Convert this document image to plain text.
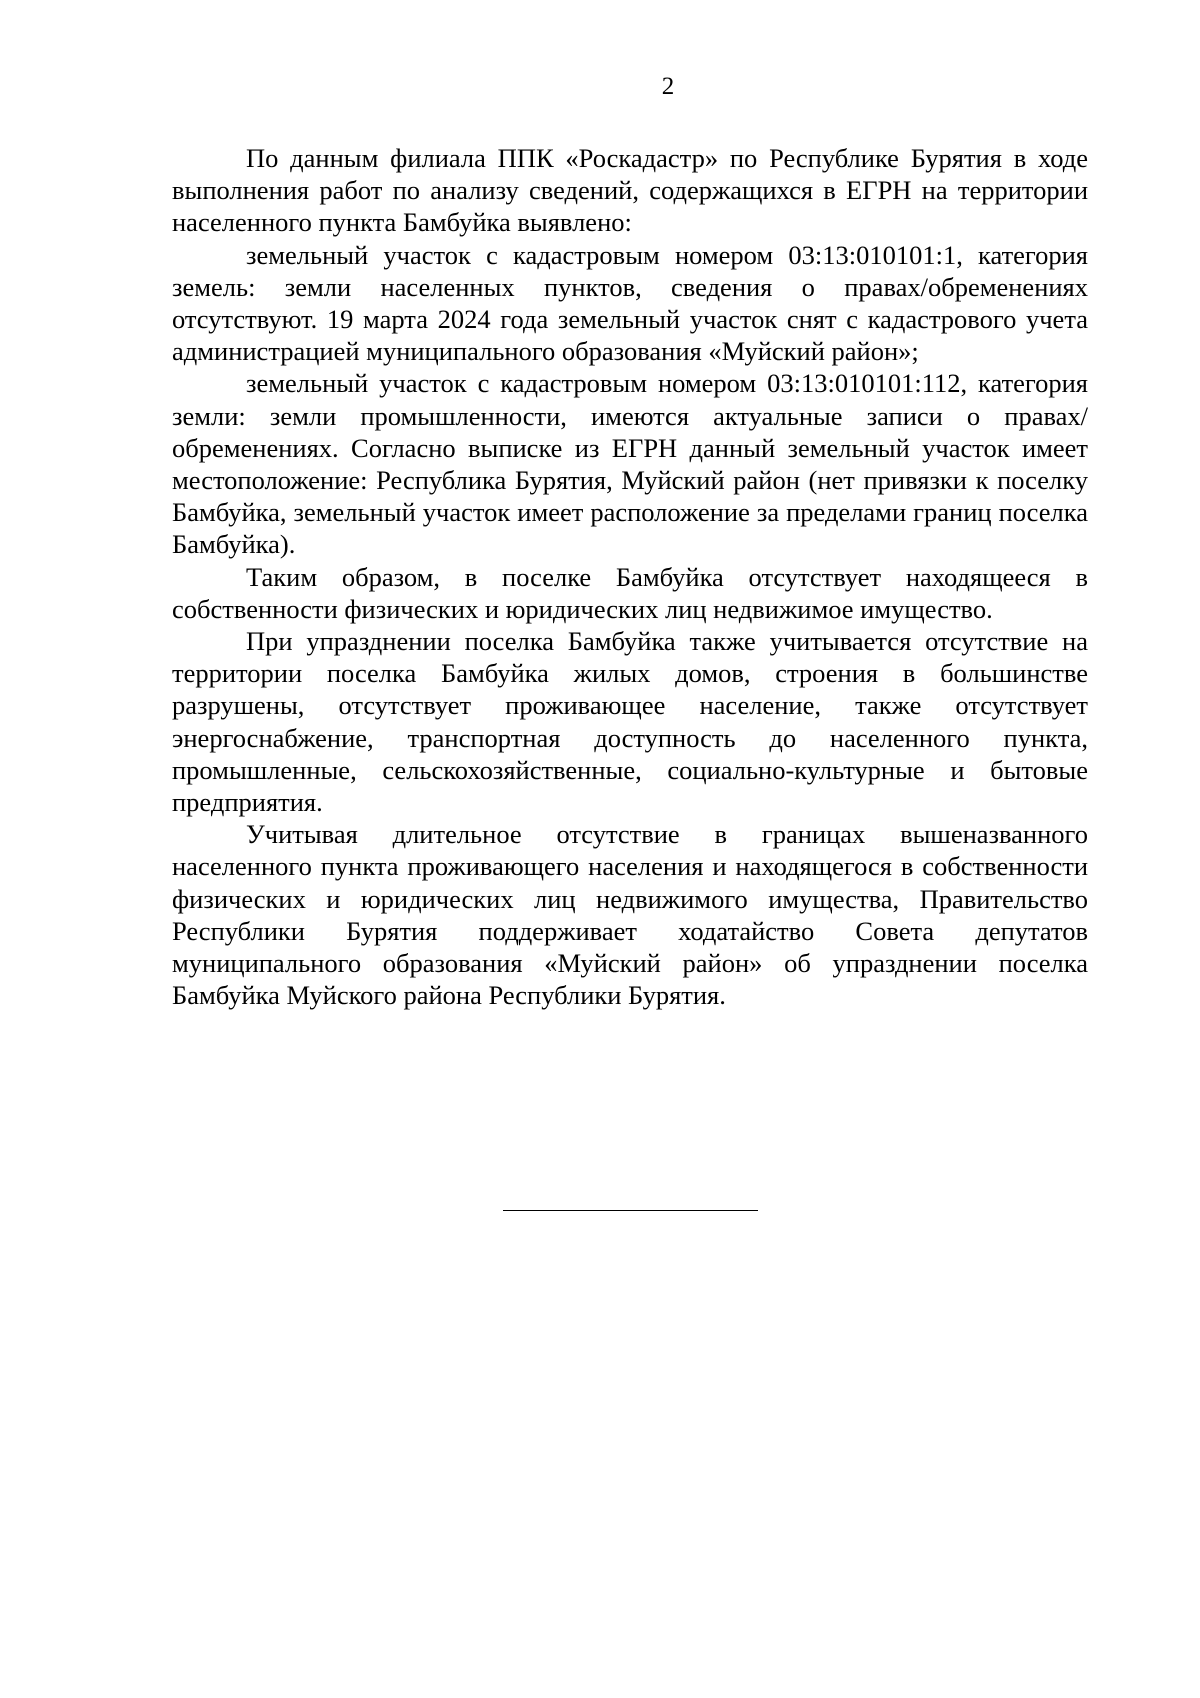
2

По данным филиала ППК «Роскадастр» по Республике Бурятия в ходе выполнения работ по анализу сведений, содержащихся в ЕГРН на территории населенного пункта Бамбуйка выявлено:

земельный участок с кадастровым номером 03:13:010101:1, категория земель: земли населенных пунктов, сведения о правах/обременениях отсутствуют. 19 марта 2024 года земельный участок снят с кадастрового учета администрацией муниципального образования «Муйский район»;

земельный участок с кадастровым номером 03:13:010101:112, категория земли: земли промышленности, имеются актуальные записи о правах/обременениях. Согласно выписке из ЕГРН данный земельный участок имеет местоположение: Республика Бурятия, Муйский район (нет привязки к поселку Бамбуйка, земельный участок имеет расположение за пределами границ поселка Бамбуйка).

Таким образом, в поселке Бамбуйка отсутствует находящееся в собственности физических и юридических лиц недвижимое имущество.

При упразднении поселка Бамбуйка также учитывается отсутствие на территории поселка Бамбуйка жилых домов, строения в большинстве разрушены, отсутствует проживающее население, также отсутствует энергоснабжение, транспортная доступность до населенного пункта, промышленные, сельскохозяйственные, социально-культурные и бытовые предприятия.

Учитывая длительное отсутствие в границах вышеназванного населенного пункта проживающего населения и находящегося в собственности физических и юридических лиц недвижимого имущества, Правительство Республики Бурятия поддерживает ходатайство Совета депутатов муниципального образования «Муйский район» об упразднении поселка Бамбуйка Муйского района Республики Бурятия.
